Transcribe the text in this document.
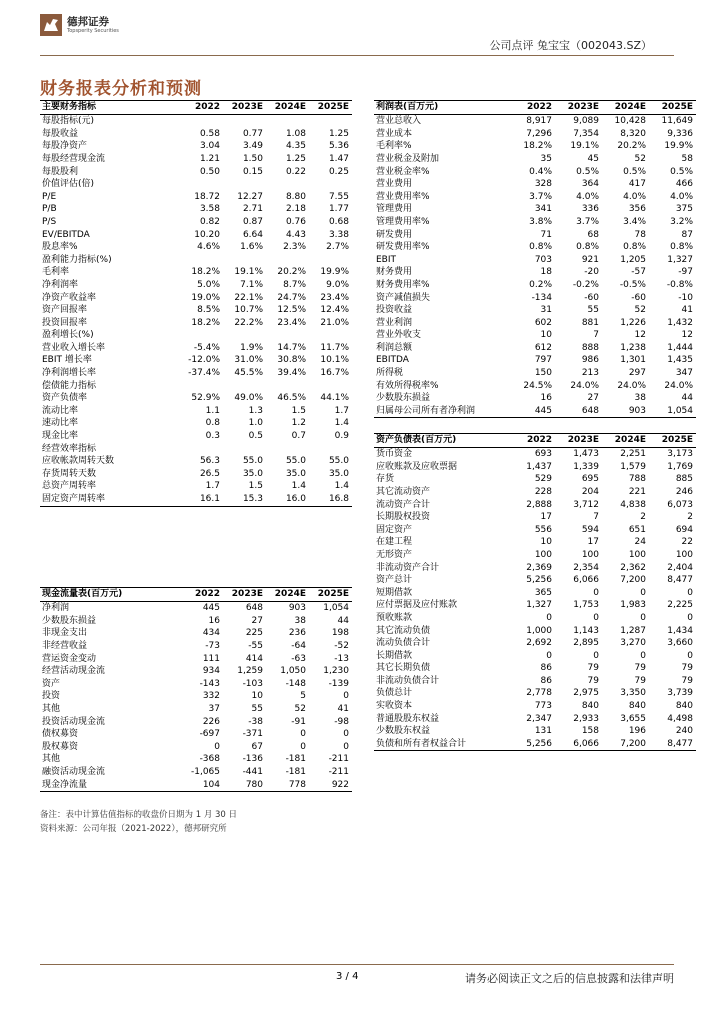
德邦证券
Topsperity Securities
公司点评 兔宝宝（002043.SZ）
财务报表分析和预测
主要财务指标	2022	2023E	2024E	2025E
每股指标(元)				
每股收益	0.58	0.77	1.08	1.25
每股净资产	3.04	3.49	4.35	5.36
每股经营现金流	1.21	1.50	1.25	1.47
每股股利	0.50	0.15	0.22	0.25
价值评估(倍)				
P/E	18.72	12.27	8.80	7.55
P/B	3.58	2.71	2.18	1.77
P/S	0.82	0.87	0.76	0.68
EV/EBITDA	10.20	6.64	4.43	3.38
股息率%	4.6%	1.6%	2.3%	2.7%
盈利能力指标(%)				
毛利率	18.2%	19.1%	20.2%	19.9%
净利润率	5.0%	7.1%	8.7%	9.0%
净资产收益率	19.0%	22.1%	24.7%	23.4%
资产回报率	8.5%	10.7%	12.5%	12.4%
投资回报率	18.2%	22.2%	23.4%	21.0%
盈利增长(%)				
营业收入增长率	-5.4%	1.9%	14.7%	11.7%
EBIT 增长率	-12.0%	31.0%	30.8%	10.1%
净利润增长率	-37.4%	45.5%	39.4%	16.7%
偿债能力指标				
资产负债率	52.9%	49.0%	46.5%	44.1%
流动比率	1.1	1.3	1.5	1.7
速动比率	0.8	1.0	1.2	1.4
现金比率	0.3	0.5	0.7	0.9
经营效率指标				
应收帐款周转天数	56.3	55.0	55.0	55.0
存货周转天数	26.5	35.0	35.0	35.0
总资产周转率	1.7	1.5	1.4	1.4
固定资产周转率	16.1	15.3	16.0	16.8
利润表(百万元)	2022	2023E	2024E	2025E
营业总收入	8,917	9,089	10,428	11,649
营业成本	7,296	7,354	8,320	9,336
毛利率%	18.2%	19.1%	20.2%	19.9%
营业税金及附加	35	45	52	58
营业税金率%	0.4%	0.5%	0.5%	0.5%
营业费用	328	364	417	466
营业费用率%	3.7%	4.0%	4.0%	4.0%
管理费用	341	336	356	375
管理费用率%	3.8%	3.7%	3.4%	3.2%
研发费用	71	68	78	87
研发费用率%	0.8%	0.8%	0.8%	0.8%
EBIT	703	921	1,205	1,327
财务费用	18	-20	-57	-97
财务费用率%	0.2%	-0.2%	-0.5%	-0.8%
资产减值损失	-134	-60	-60	-10
投资收益	31	55	52	41
营业利润	602	881	1,226	1,432
营业外收支	10	7	12	12
利润总额	612	888	1,238	1,444
EBITDA	797	986	1,301	1,435
所得税	150	213	297	347
有效所得税率%	24.5%	24.0%	24.0%	24.0%
少数股东损益	16	27	38	44
归属母公司所有者净利润	445	648	903	1,054
资产负债表(百万元)	2022	2023E	2024E	2025E
货币资金	693	1,473	2,251	3,173
应收账款及应收票据	1,437	1,339	1,579	1,769
存货	529	695	788	885
其它流动资产	228	204	221	246
流动资产合计	2,888	3,712	4,838	6,073
长期股权投资	17	7	2	2
固定资产	556	594	651	694
在建工程	10	17	24	22
无形资产	100	100	100	100
非流动资产合计	2,369	2,354	2,362	2,404
资产总计	5,256	6,066	7,200	8,477
短期借款	365	0	0	0
应付票据及应付账款	1,327	1,753	1,983	2,225
预收账款	0	0	0	0
其它流动负债	1,000	1,143	1,287	1,434
流动负债合计	2,692	2,895	3,270	3,660
长期借款	0	0	0	0
其它长期负债	86	79	79	79
非流动负债合计	86	79	79	79
负债总计	2,778	2,975	3,350	3,739
实收资本	773	840	840	840
普通股股东权益	2,347	2,933	3,655	4,498
少数股东权益	131	158	196	240
负债和所有者权益合计	5,256	6,066	7,200	8,477
现金流量表(百万元)	2022	2023E	2024E	2025E
净利润	445	648	903	1,054
少数股东损益	16	27	38	44
非现金支出	434	225	236	198
非经营收益	-73	-55	-64	-52
营运资金变动	111	414	-63	-13
经营活动现金流	934	1,259	1,050	1,230
资产	-143	-103	-148	-139
投资	332	10	5	0
其他	37	55	52	41
投资活动现金流	226	-38	-91	-98
债权募资	-697	-371	0	0
股权募资	0	67	0	0
其他	-368	-136	-181	-211
融资活动现金流	-1,065	-441	-181	-211
现金净流量	104	780	778	922
备注：表中计算估值指标的收盘价日期为 1 月 30 日
资料来源：公司年报（2021-2022），德邦研究所
3 / 4	请务必阅读正文之后的信息披露和法律声明
